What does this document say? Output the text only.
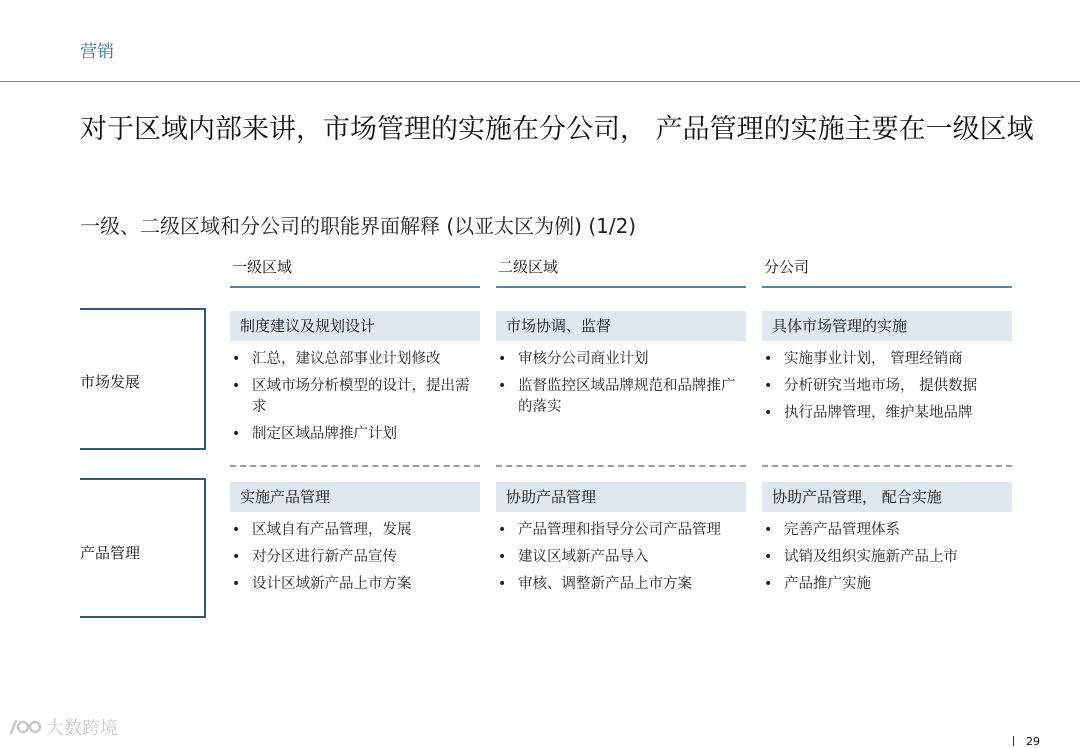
营销
对于区域内部来讲，市场管理的实施在分公司， 产品管理的实施主要在一级区域
一级、二级区域和分公司的职能界面解释 (以亚太区为例) (1/2)
一级区域	二级区域	分公司
市场发展
产品管理
制度建议及规划设计
• 汇总，建议总部事业计划修改
• 区域市场分析模型的设计，提出需求
• 制定区域品牌推广计划
市场协调、监督
• 审核分公司商业计划
• 监督监控区域品牌规范和品牌推广的落实
具体市场管理的实施
• 实施事业计划， 管理经销商
• 分析研究当地市场， 提供数据
• 执行品牌管理，维护某地品牌
实施产品管理
• 区域自有产品管理，发展
• 对分区进行新产品宣传
• 设计区域新产品上市方案
协助产品管理
• 产品管理和指导分公司产品管理
• 建议区域新产品导入
• 审核、调整新产品上市方案
协助产品管理， 配合实施
• 完善产品管理体系
• 试销及组织实施新产品上市
• 产品推广实施
大数跨境
29
